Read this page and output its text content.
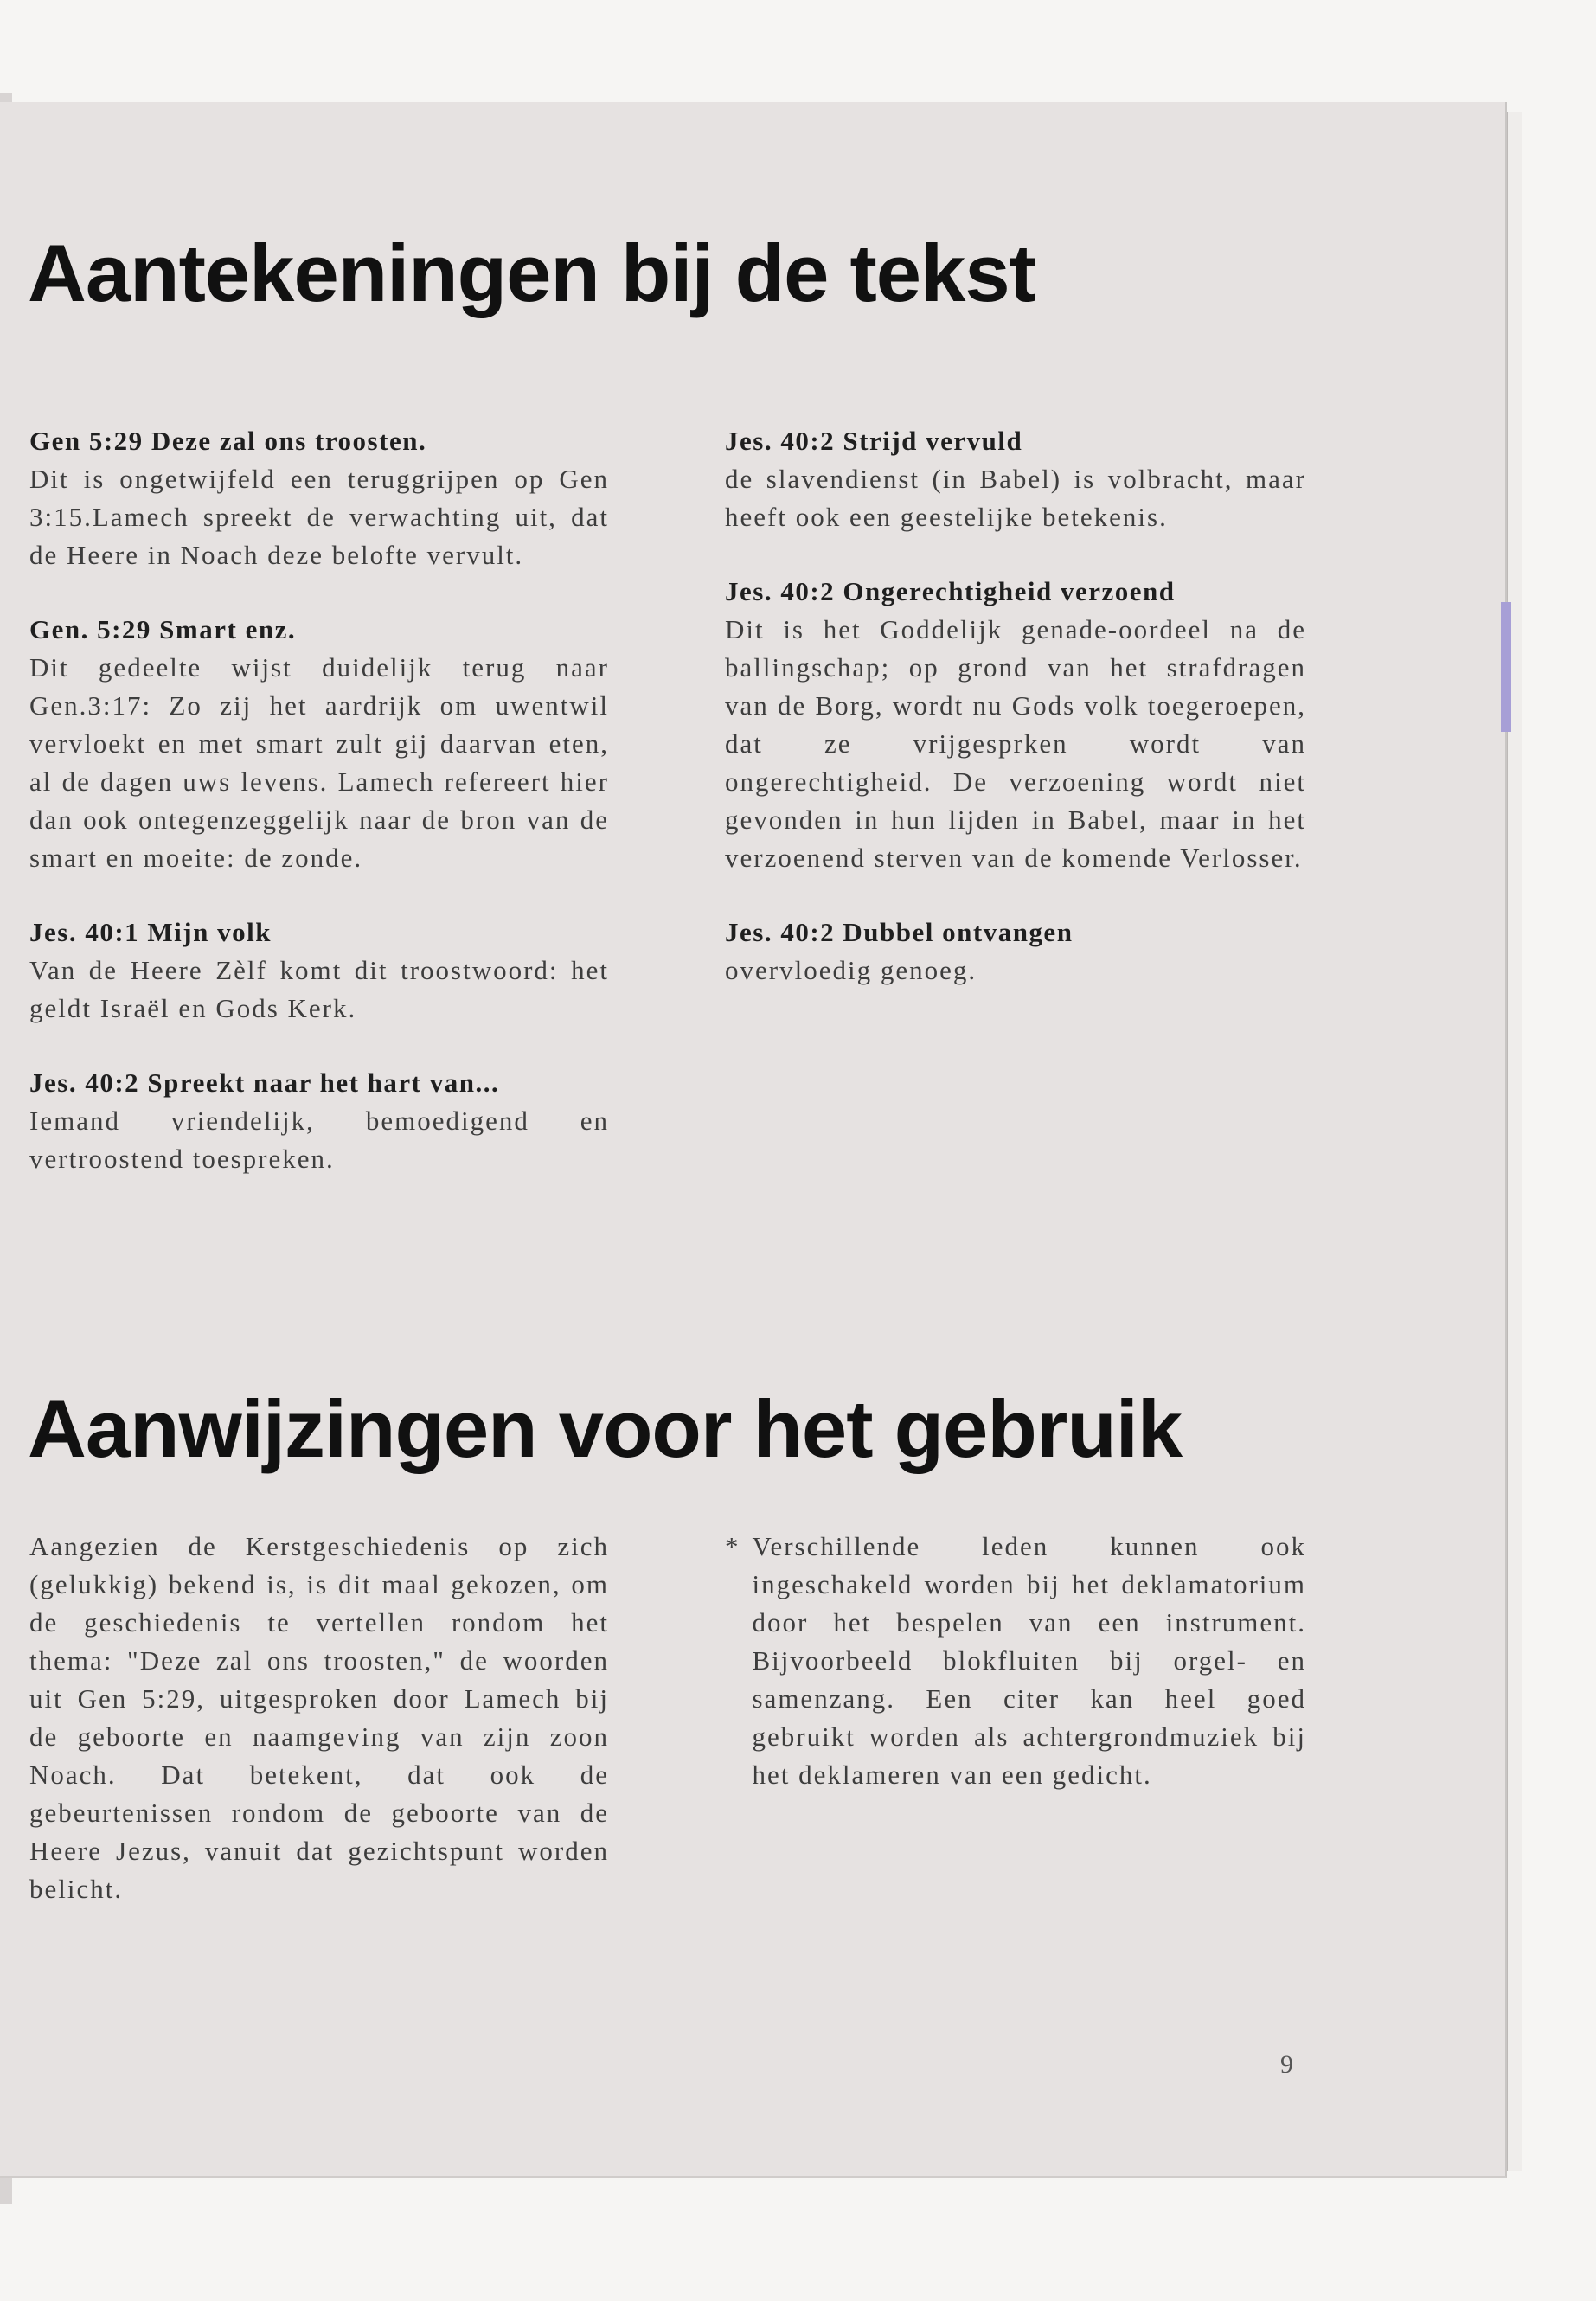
Aantekeningen bij de tekst
Gen 5:29 Deze zal ons troosten.
Dit is ongetwijfeld een teruggrijpen op Gen 3:15.Lamech spreekt de verwachting uit, dat de Heere in Noach deze belofte vervult.
Gen. 5:29 Smart enz.
Dit gedeelte wijst duidelijk terug naar Gen.3:17: Zo zij het aardrijk om uwentwil vervloekt en met smart zult gij daarvan eten, al de dagen uws levens. Lamech refereert hier dan ook ontegenzeggelijk naar de bron van de smart en moeite: de zonde.
Jes. 40:1 Mijn volk
Van de Heere Zèlf komt dit troostwoord: het geldt Israël en Gods Kerk.
Jes. 40:2 Spreekt naar het hart van...
Iemand vriendelijk, bemoedigend en vertroostend toespreken.
Jes. 40:2 Strijd vervuld
de slavendienst (in Babel) is volbracht, maar heeft ook een geestelijke betekenis.
Jes. 40:2 Ongerechtigheid verzoend
Dit is het Goddelijk genade-oordeel na de ballingschap; op grond van het strafdragen van de Borg, wordt nu Gods volk toegeroepen, dat ze vrijgesprken wordt van ongerechtigheid. De verzoening wordt niet gevonden in hun lijden in Babel, maar in het verzoenend sterven van de komende Verlosser.
Jes. 40:2 Dubbel ontvangen
overvloedig genoeg.
Aanwijzingen voor het gebruik

Aangezien de Kerstgeschiedenis op zich (gelukkig) bekend is, is dit maal gekozen, om de geschiedenis te vertellen rondom het thema: "Deze zal ons troosten," de woorden uit Gen 5:29, uitgesproken door Lamech bij de geboorte en naamgeving van zijn zoon Noach. Dat betekent, dat ook de gebeurtenissen rondom de geboorte van de Heere Jezus, vanuit dat gezichtspunt worden belicht.

* Verschillende leden kunnen ook ingeschakeld worden bij het deklamatorium door het bespelen van een instrument. Bijvoorbeeld blokfluiten bij orgel- en samenzang. Een citer kan heel goed gebruikt worden als achtergrondmuziek bij het deklameren van een gedicht.

9
